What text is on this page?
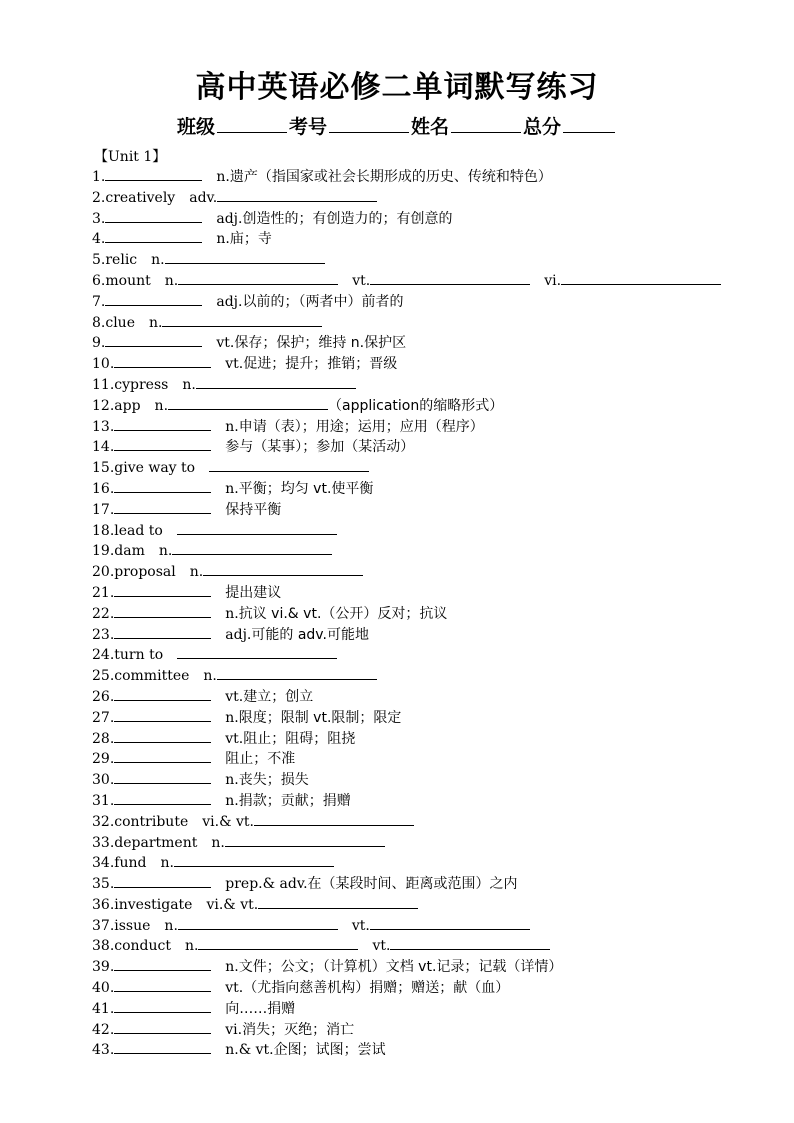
高中英语必修二单词默写练习
班级	考号	姓名	总分
【Unit 1】
1.	n.遗产（指国家或社会长期形成的历史、传统和特色）
2.creatively adv.
3.	adj.创造性的；有创造力的；有创意的
4.	n.庙；寺
5.relic n.
6.mount n.	vt.	vi.
7.	adj.以前的；（两者中）前者的
8.clue n.
9.	vt.保存；保护；维持 n.保护区
10.	vt.促进；提升；推销；晋级
11.cypress n.
12.app n.	（application的缩略形式）
13.	n.申请（表）；用途；运用；应用（程序）
14.	参与（某事）；参加（某活动）
15.give way to
16.	n.平衡；均匀 vt.使平衡
17.	保持平衡
18.lead to
19.dam n.
20.proposal n.
21.	提出建议
22.	n.抗议 vi.& vt.（公开）反对；抗议
23.	adj.可能的 adv.可能地
24.turn to
25.committee n.
26.	vt.建立；创立
27.	n.限度；限制 vt.限制；限定
28.	vt.阻止；阻碍；阻挠
29.	阻止；不准
30.	n.丧失；损失
31.	n.捐款；贡献；捐赠
32.contribute vi.& vt.
33.department n.
34.fund n.
35.	prep.& adv.在（某段时间、距离或范围）之内
36.investigate vi.& vt.
37.issue n.	vt.
38.conduct n.	vt.
39.	n.文件；公文；（计算机）文档 vt.记录；记载（详情）
40.	vt.（尤指向慈善机构）捐赠；赠送；献（血）
41.	向……捐赠
42.	vi.消失；灭绝；消亡
43.	n.& vt.企图；试图；尝试
